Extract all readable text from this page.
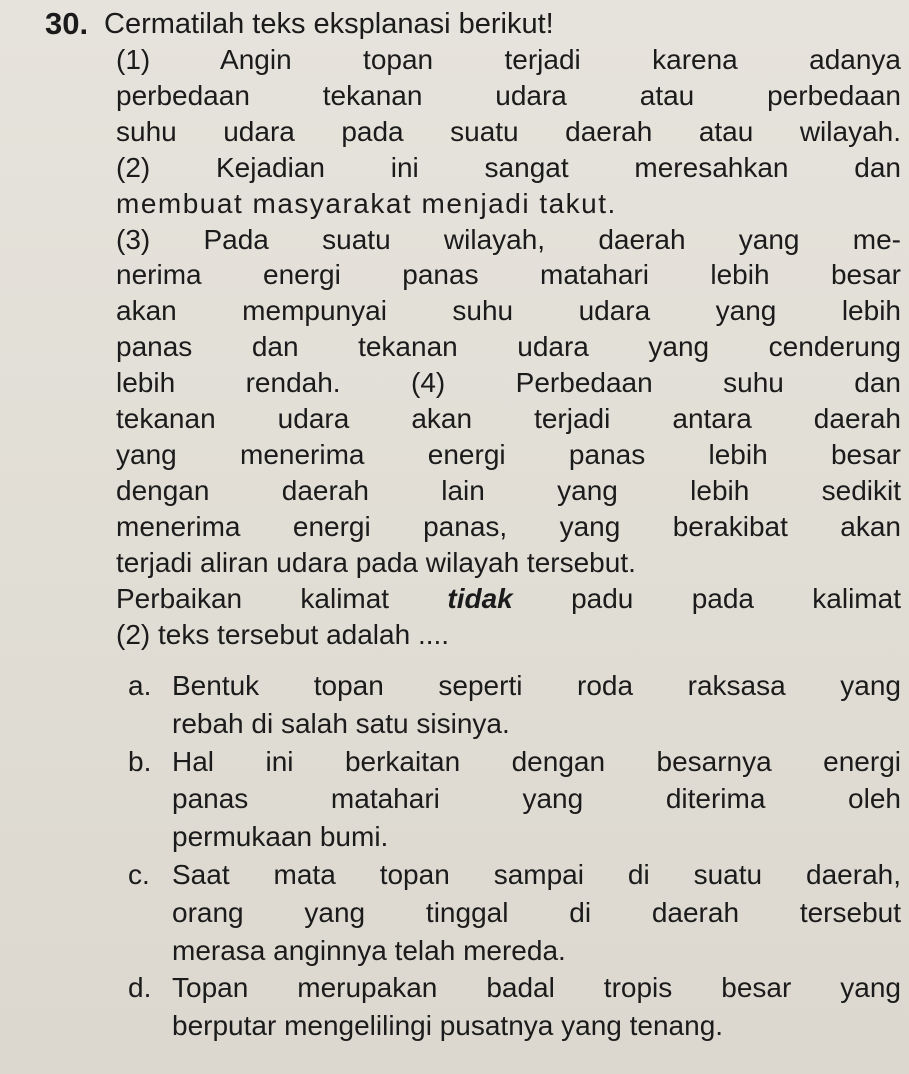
30. Cermatilah teks eksplanasi berikut!
(1) Angin topan terjadi karena adanya
perbedaan tekanan udara atau perbedaan
suhu udara pada suatu daerah atau wilayah.
(2) Kejadian ini sangat meresahkan dan
membuat masyarakat menjadi takut.
(3) Pada suatu wilayah, daerah yang me-
nerima energi panas matahari lebih besar
akan mempunyai suhu udara yang lebih
panas dan tekanan udara yang cenderung
lebih rendah. (4) Perbedaan suhu dan
tekanan udara akan terjadi antara daerah
yang menerima energi panas lebih besar
dengan daerah lain yang lebih sedikit
menerima energi panas, yang berakibat akan
terjadi aliran udara pada wilayah tersebut.
Perbaikan kalimat tidak padu pada kalimat
(2) teks tersebut adalah ....
a. Bentuk topan seperti roda raksasa yang
rebah di salah satu sisinya.
b. Hal ini berkaitan dengan besarnya energi
panas matahari yang diterima oleh
permukaan bumi.
c. Saat mata topan sampai di suatu daerah,
orang yang tinggal di daerah tersebut
merasa anginnya telah mereda.
d. Topan merupakan badal tropis besar yang
berputar mengelilingi pusatnya yang tenang.
